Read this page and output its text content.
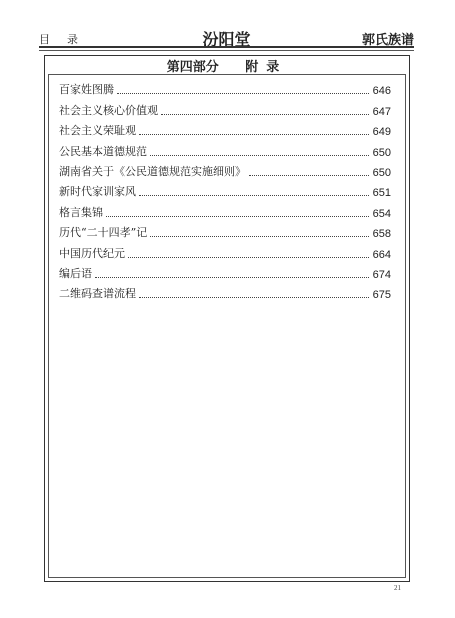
目录	汾阳堂	郭氏族谱
第四部分 附录
百家姓图腾	646
社会主义核心价值观	647
社会主义荣耻观	649
公民基本道德规范	650
湖南省关于《公民道德规范实施细则》	650
新时代家训家风	651
格言集锦	654
历代“二十四孝”记	658
中国历代纪元	664
编后语	674
二维码查谱流程	675
21
